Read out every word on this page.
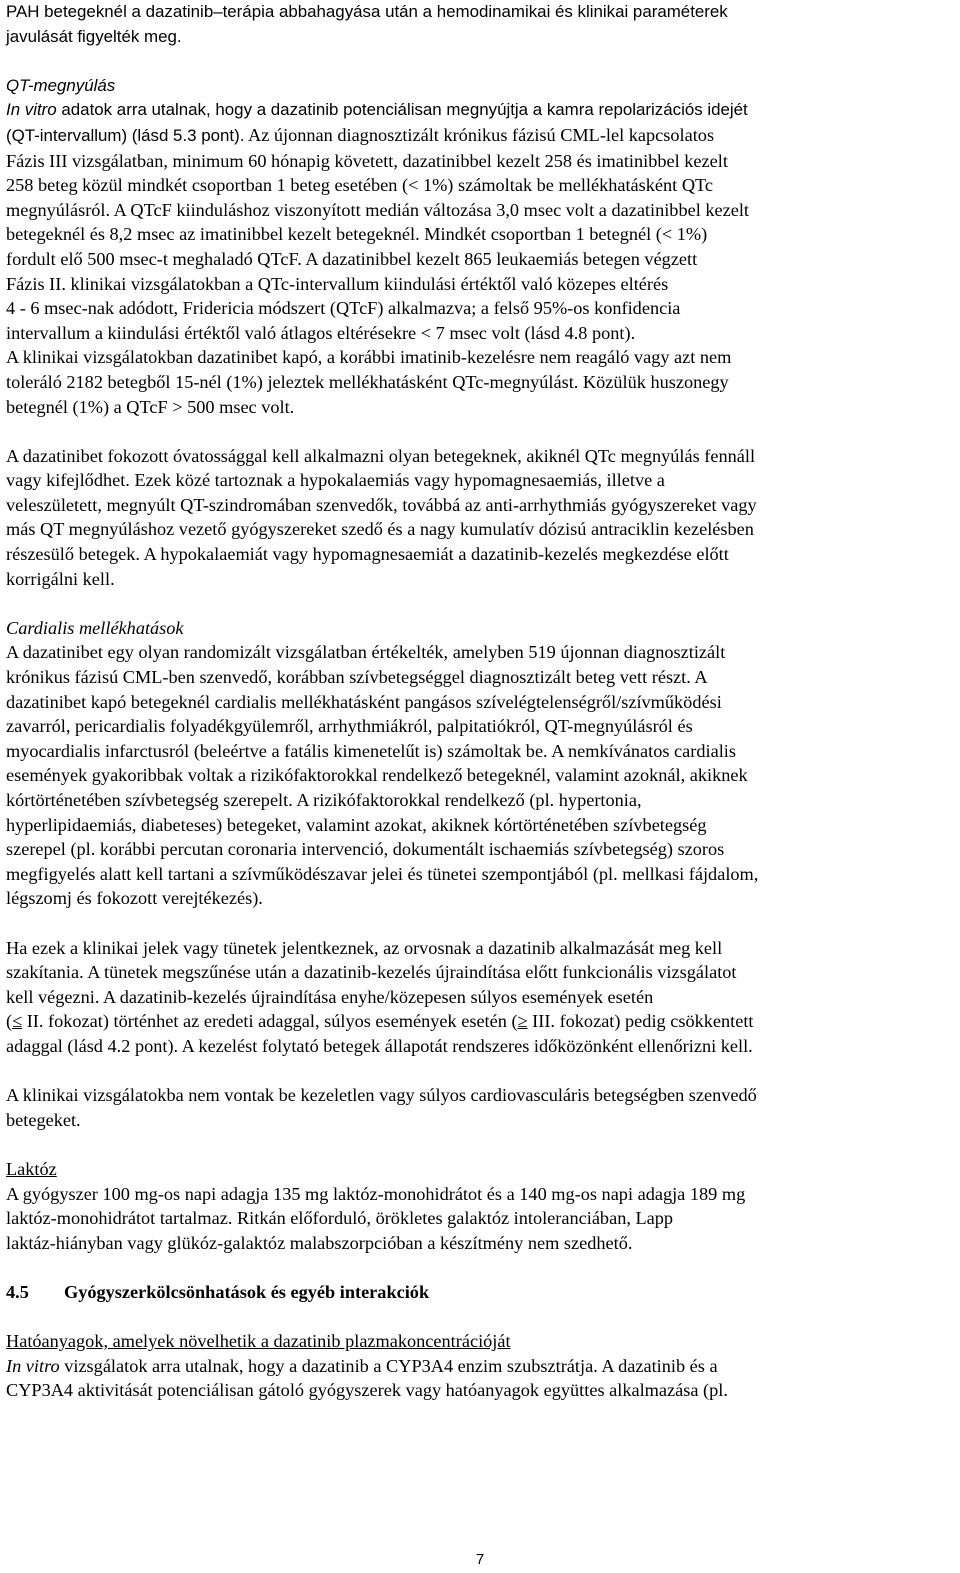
PAH betegeknél a dazatinib–terápia abbahagyása után a hemodinamikai és klinikai paraméterek
javulását figyelték meg.
QT-megnyúlás
In vitro adatok arra utalnak, hogy a dazatinib potenciálisan megnyújtja a kamra repolarizációs idejét
(QT-intervallum) (lásd 5.3 pont). Az újonnan diagnosztizált krónikus fázisú CML-lel kapcsolatos
Fázis III vizsgálatban, minimum 60 hónapig követett, dazatinibbel kezelt 258 és imatinibbel kezelt
258 beteg közül mindkét csoportban 1 beteg esetében (< 1%) számoltak be mellékhatásként QTc
megnyúlásról. A QTcF kiinduláshoz viszonyított medián változása 3,0 msec volt a dazatinibbel kezelt
betegeknél és 8,2 msec az imatinibbel kezelt betegeknél. Mindkét csoportban 1 betegnél (< 1%)
fordult elő 500 msec-t meghaladó QTcF. A dazatinibbel kezelt 865 leukaemiás betegen végzett
Fázis II. klinikai vizsgálatokban a QTc-intervallum kiindulási értéktől való közepes eltérés
4 - 6 msec-nak adódott, Fridericia módszert (QTcF) alkalmazva; a felső 95%-os konfidencia
intervallum a kiindulási értéktől való átlagos eltérésekre < 7 msec volt (lásd 4.8 pont).
A klinikai vizsgálatokban dazatinibet kapó, a korábbi imatinib-kezelésre nem reagáló vagy azt nem
toleráló 2182 betegből 15-nél (1%) jeleztek mellékhatásként QTc-megnyúlást. Közülük huszonegy
betegnél (1%) a QTcF > 500 msec volt.
A dazatinibet fokozott óvatossággal kell alkalmazni olyan betegeknek, akiknél QTc megnyúlás fennáll
vagy kifejlődhet. Ezek közé tartoznak a hypokalaemiás vagy hypomagnesaemiás, illetve a
veleszületett, megnyúlt QT-szindromában szenvedők, továbbá az anti-arrhythmiás gyógyszereket vagy
más QT megnyúláshoz vezető gyógyszereket szedő és a nagy kumulatív dózisú antraciklin kezelésben
részesülő betegek. A hypokalaemiát vagy hypomagnesaemiát a dazatinib-kezelés megkezdése előtt
korrigálni kell.
Cardialis mellékhatások
A dazatinibet egy olyan randomizált vizsgálatban értékelték, amelyben 519 újonnan diagnosztizált
krónikus fázisú CML-ben szenvedő, korábban szívbetegséggel diagnosztizált beteg vett részt. A
dazatinibet kapó betegeknél cardialis mellékhatásként pangásos szívelégtelenségről/szívműködési
zavarról, pericardialis folyadékgyülemről, arrhythmiákról, palpitatiókról, QT-megnyúlásról és
myocardialis infarctusról (beleértve a fatális kimenetelűt is) számoltak be. A nemkívánatos cardialis
események gyakoribbak voltak a rizikófaktorokkal rendelkező betegeknél, valamint azoknál, akiknek
kórtörténetében szívbetegség szerepelt. A rizikófaktorokkal rendelkező (pl. hypertonia,
hyperlipidaemiás, diabeteses) betegeket, valamint azokat, akiknek kórtörténetében szívbetegség
szerepel (pl. korábbi percutan coronaria intervenció, dokumentált ischaemiás szívbetegség) szoros
megfigyelés alatt kell tartani a szívműködészavar jelei és tünetei szempontjából (pl. mellkasi fájdalom,
légszomj és fokozott verejtékezés).
Ha ezek a klinikai jelek vagy tünetek jelentkeznek, az orvosnak a dazatinib alkalmazását meg kell
szakítania. A tünetek megszűnése után a dazatinib-kezelés újraindítása előtt funkcionális vizsgálatot
kell végezni. A dazatinib-kezelés újraindítása enyhe/közepesen súlyos események esetén
(≤ II. fokozat) történhet az eredeti adaggal, súlyos események esetén (≥ III. fokozat) pedig csökkentett
adaggal (lásd 4.2 pont). A kezelést folytató betegek állapotát rendszeres időközönként ellenőrizni kell.
A klinikai vizsgálatokba nem vontak be kezeletlen vagy súlyos cardiovasculáris betegségben szenvedő
betegeket.
Laktóz
A gyógyszer 100 mg-os napi adagja 135 mg laktóz-monohidrátot és a 140 mg-os napi adagja 189 mg
laktóz-monohidrátot tartalmaz. Ritkán előforduló, örökletes galaktóz intoleranciában, Lapp
laktáz-hiányban vagy glükóz-galaktóz malabszorpcióban a készítmény nem szedhető.
4.5 Gyógyszerkölcsönhatások és egyéb interakciók
Hatóanyagok, amelyek növelhetik a dazatinib plazmakoncentrációját
In vitro vizsgálatok arra utalnak, hogy a dazatinib a CYP3A4 enzim szubsztrátja. A dazatinib és a
CYP3A4 aktivitását potenciálisan gátoló gyógyszerek vagy hatóanyagok együttes alkalmazása (pl.
7
